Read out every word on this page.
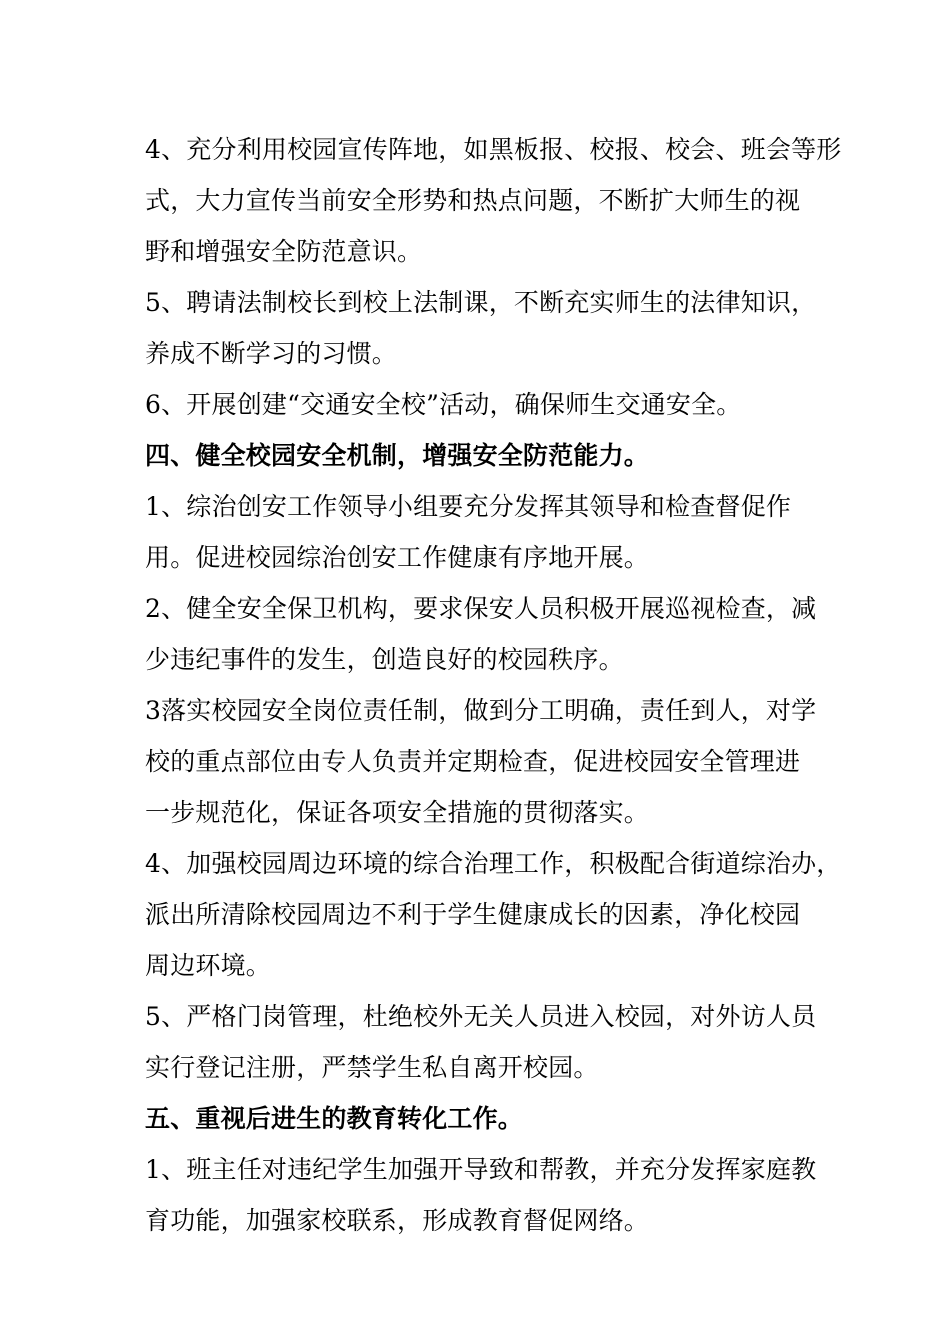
4、充分利用校园宣传阵地，如黑板报、校报、校会、班会等形
式，大力宣传当前安全形势和热点问题，不断扩大师生的视
野和增强安全防范意识。
5、聘请法制校长到校上法制课，不断充实师生的法律知识，
养成不断学习的习惯。
6、开展创建“交通安全校”活动，确保师生交通安全。
四、健全校园安全机制，增强安全防范能力。
1、综治创安工作领导小组要充分发挥其领导和检查督促作
用。促进校园综治创安工作健康有序地开展。
2、健全安全保卫机构，要求保安人员积极开展巡视检查，减
少违纪事件的发生，创造良好的校园秩序。
3落实校园安全岗位责任制，做到分工明确，责任到人，对学
校的重点部位由专人负责并定期检查，促进校园安全管理进
一步规范化，保证各项安全措施的贯彻落实。
4、加强校园周边环境的综合治理工作，积极配合街道综治办，
派出所清除校园周边不利于学生健康成长的因素，净化校园
周边环境。
5、严格门岗管理，杜绝校外无关人员进入校园，对外访人员
实行登记注册，严禁学生私自离开校园。
五、重视后进生的教育转化工作。
1、班主任对违纪学生加强开导致和帮教，并充分发挥家庭教
育功能，加强家校联系，形成教育督促网络。
